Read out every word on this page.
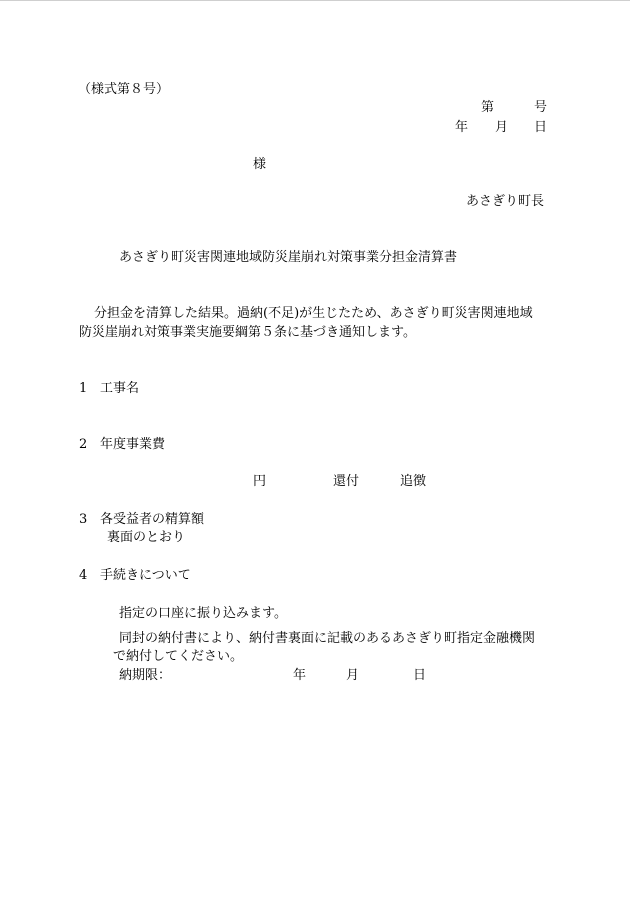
（様式第８号）
第	号
年 月 日
様
あさぎり町長
あさぎり町災害関連地域防災崖崩れ対策事業分担金清算書
分担金を清算した結果。過納(不足)が生じたため、あさぎり町災害関連地域
防災崖崩れ対策事業実施要綱第５条に基づき通知します。
1 工事名
2 年度事業費
円	還付	追徴
3 各受益者の精算額
裏面のとおり
4 手続きについて
指定の口座に振り込みます。
同封の納付書により、納付書裏面に記載のあるあさぎり町指定金融機関
で納付してください。
納期限：	年	月	日
